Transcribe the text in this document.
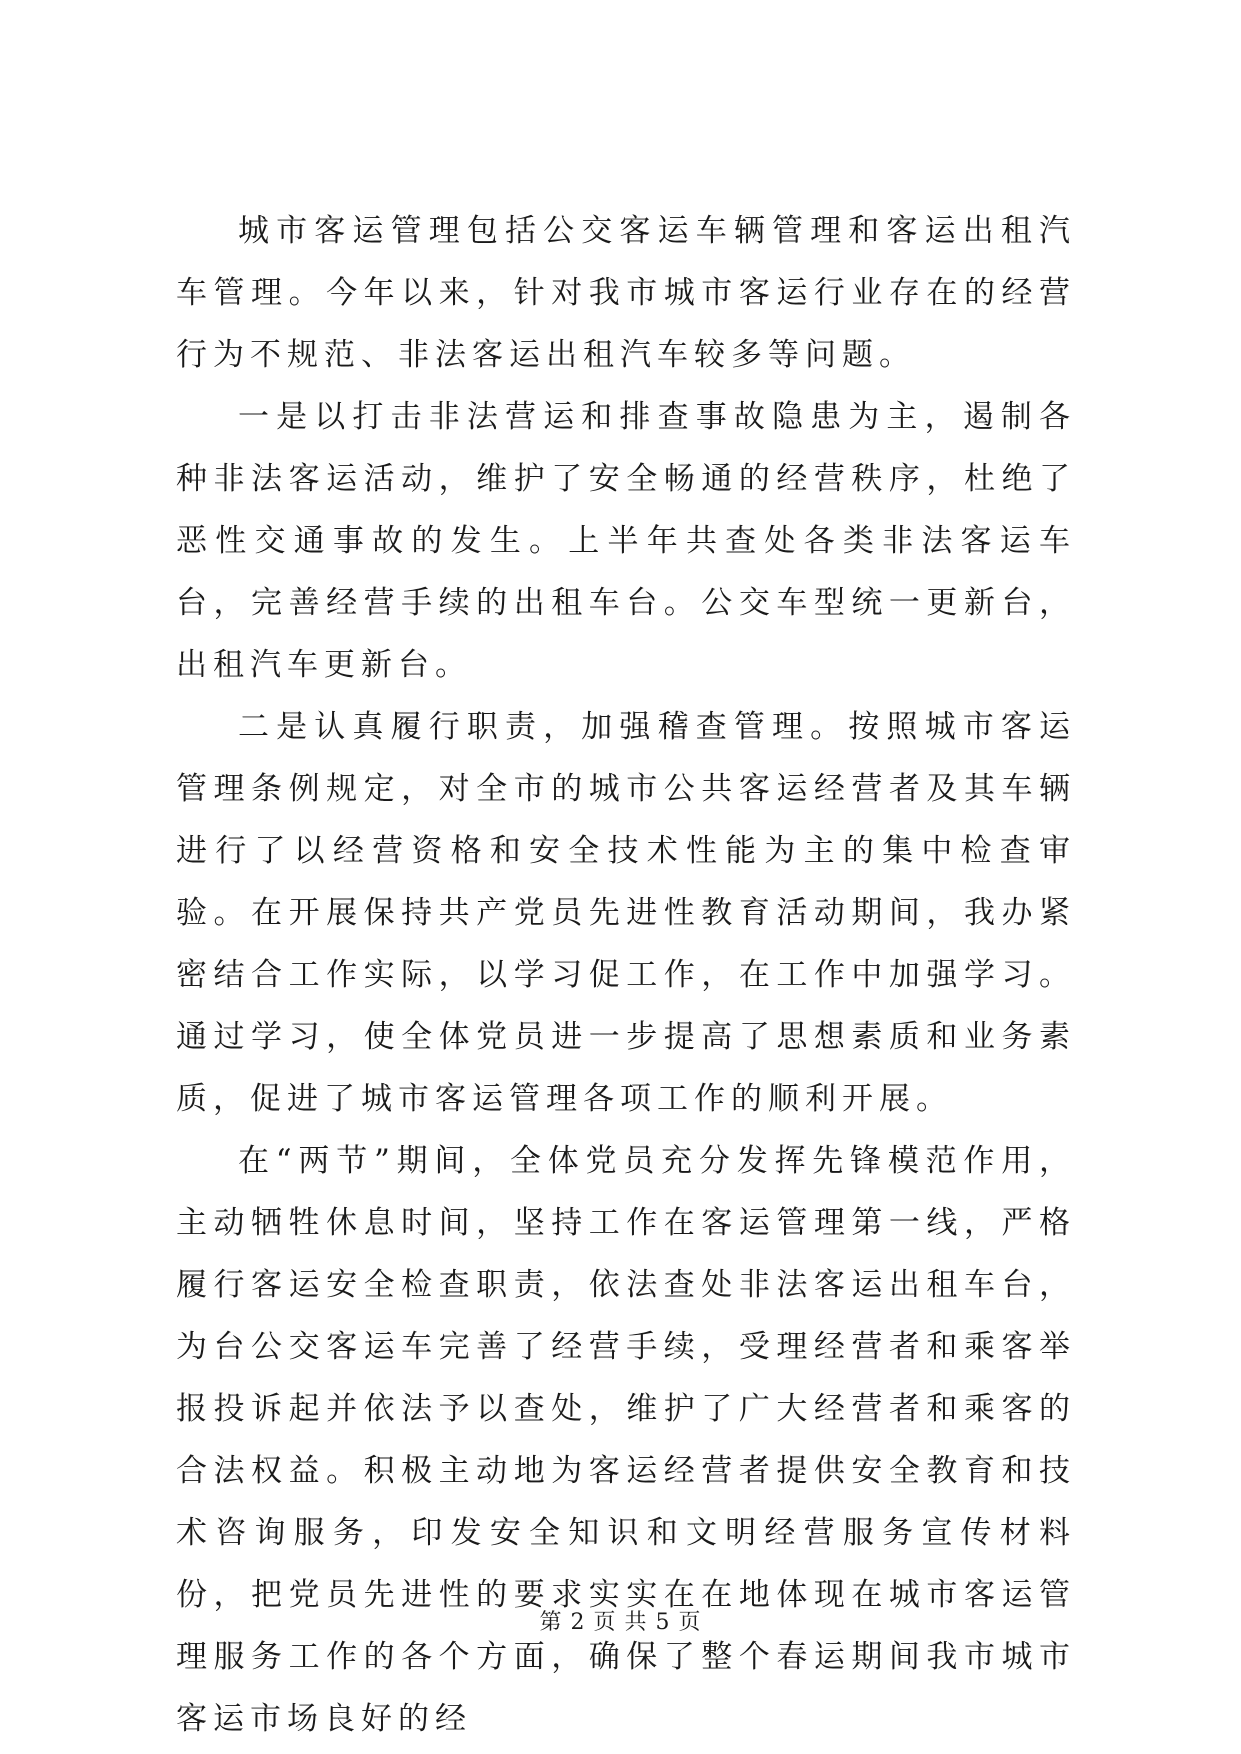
城市客运管理包括公交客运车辆管理和客运出租汽车管理。今年以来，针对我市城市客运行业存在的经营行为不规范、非法客运出租汽车较多等问题。

一是以打击非法营运和排查事故隐患为主，遏制各种非法客运活动，维护了安全畅通的经营秩序，杜绝了恶性交通事故的发生。上半年共查处各类非法客运车台，完善经营手续的出租车台。公交车型统一更新台，出租汽车更新台。

二是认真履行职责，加强稽查管理。按照城市客运管理条例规定，对全市的城市公共客运经营者及其车辆进行了以经营资格和安全技术性能为主的集中检查审验。在开展保持共产党员先进性教育活动期间，我办紧密结合工作实际，以学习促工作，在工作中加强学习。通过学习，使全体党员进一步提高了思想素质和业务素质，促进了城市客运管理各项工作的顺利开展。

在“两节”期间，全体党员充分发挥先锋模范作用，主动牺牲休息时间，坚持工作在客运管理第一线，严格履行客运安全检查职责，依法查处非法客运出租车台，为台公交客运车完善了经营手续，受理经营者和乘客举报投诉起并依法予以查处，维护了广大经营者和乘客的合法权益。积极主动地为客运经营者提供安全教育和技术咨询服务，印发安全知识和文明经营服务宣传材料份，把党员先进性的要求实实在在地体现在城市客运管理服务工作的各个方面，确保了整个春运期间我市城市客运市场良好的经

第 2 页 共 5 页
